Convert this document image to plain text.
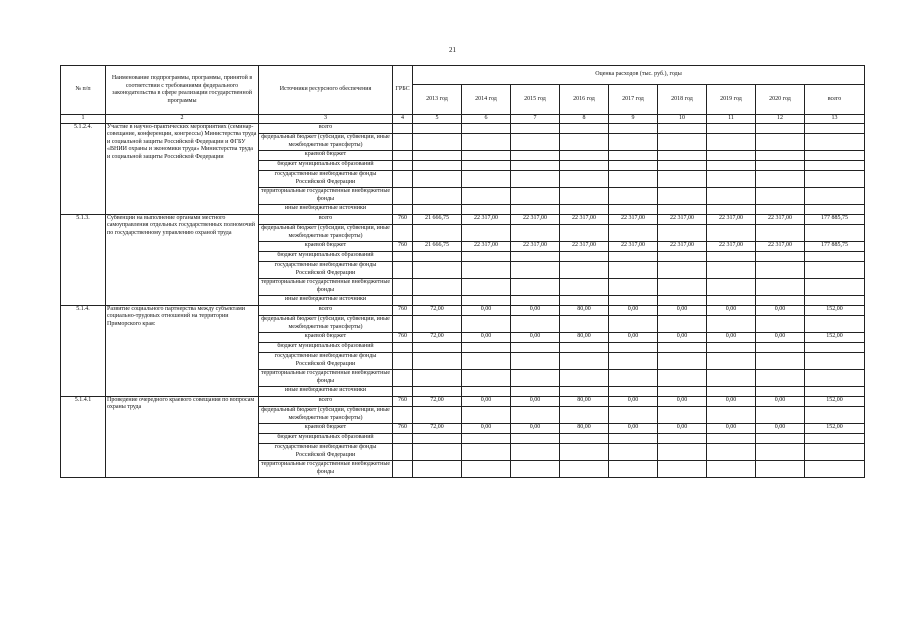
21
№ п/п	Наименование подпрограммы, программы, принятой в соответствии с требованиями федерального законодательства в сфере реализации государственной программы	Источники ресурсного обеспечения	ГРБС	Оценка расходов (тыс. руб.), годы								
				2013 год	2014 год	2015 год	2016 год	2017 год	2018 год	2019 год	2020 год	всего
1	2	3	4	5	6	7	8	9	10	11	12	13
5.1.2.4.	Участие в научно-практических мероприятиях (семинар-совещание, конференции, конгрессы) Министерства труда и социальной защиты Российской Федерации и ФГБУ «ВНИИ охраны и экономики труда» Министерства труда и социальной защиты Российской Федерации	всего										
		федеральный бюджет (субсидии, субвенции, иные межбюджетные трансферты)										
		краевой бюджет										
		бюджет муниципальных образований										
		государственные внебюджетные фонды Российской Федерации										
		территориальные государственные внебюджетные фонды										
		иные внебюджетные источники										
5.1.3.	Субвенции на выполнение органами местного самоуправления отдельных государственных полномочий по государственному управлению охраной труда	всего	760	21 666,75	22 317,00	22 317,00	22 317,00	22 317,00	22 317,00	22 317,00	22 317,00	177 885,75
		федеральный бюджет (субсидии, субвенции, иные межбюджетные трансферты)										
		краевой бюджет	760	21 666,75	22 317,00	22 317,00	22 317,00	22 317,00	22 317,00	22 317,00	22 317,00	177 885,75
		бюджет муниципальных образований										
		государственные внебюджетные фонды Российской Федерации										
		территориальные государственные внебюджетные фонды										
		иные внебюджетные источники										
5.1.4.	Развитие социального партнерства между субъектами социально-трудовых отношений на территории Приморского края:	всего	760	72,00	0,00	0,00	80,00	0,00	0,00	0,00	0,00	152,00
		федеральный бюджет (субсидии, субвенции, иные межбюджетные трансферты)										
		краевой бюджет	760	72,00	0,00	0,00	80,00	0,00	0,00	0,00	0,00	152,00
		бюджет муниципальных образований										
		государственные внебюджетные фонды Российской Федерации										
		территориальные государственные внебюджетные фонды										
		иные внебюджетные источники										
5.1.4.1	Проведение очередного краевого совещания по вопросам охраны труда	всего	760	72,00	0,00	0,00	80,00	0,00	0,00	0,00	0,00	152,00
		федеральный бюджет (субсидии, субвенции, иные межбюджетные трансферты)										
		краевой бюджет	760	72,00	0,00	0,00	80,00	0,00	0,00	0,00	0,00	152,00
		бюджет муниципальных образований										
		государственные внебюджетные фонды Российской Федерации										
		территориальные государственные внебюджетные фонды										
